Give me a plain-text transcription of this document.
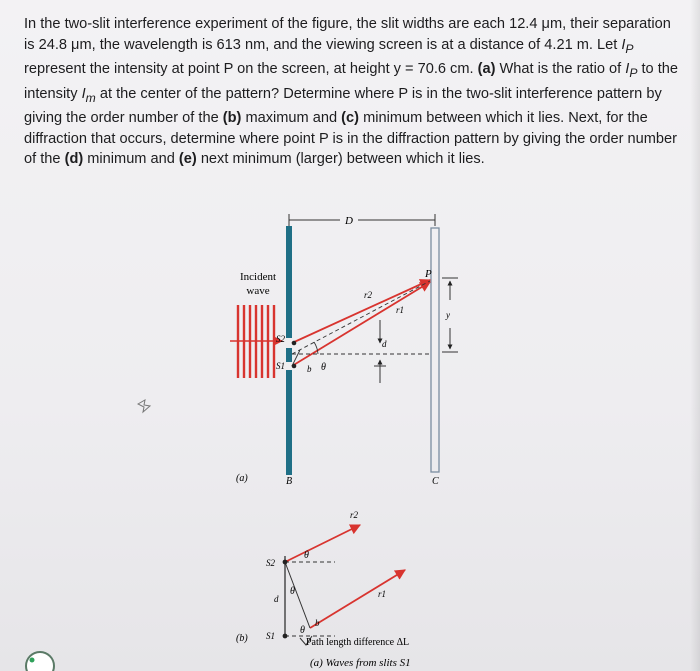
In the two-slit interference experiment of the figure, the slit widths are each 12.4 μm, their separation is 24.8 μm, the wavelength is 613 nm, and the viewing screen is at a distance of 4.21 m. Let $I_P$ represent the intensity at point P on the screen, at height y = 70.6 cm. (a) What is the ratio of $I_P$ to the intensity $I_m$ at the center of the pattern? Determine where P is in the two-slit interference pattern by giving the order number of the (b) maximum and (c) minimum between which it lies. Next, for the diffraction that occurs, determine where point P is in the diffraction pattern by giving the order number of the (d) minimum and (e) next minimum (larger) between which it lies.
Incident
wave
D
P
r2
r1	y
d
S2
S1 b θ
(a)	B	C
r2
r1
S2
S1
d
θ
θ
θ
b
Path length difference ΔL
(b)
(a) Waves from slits S1
